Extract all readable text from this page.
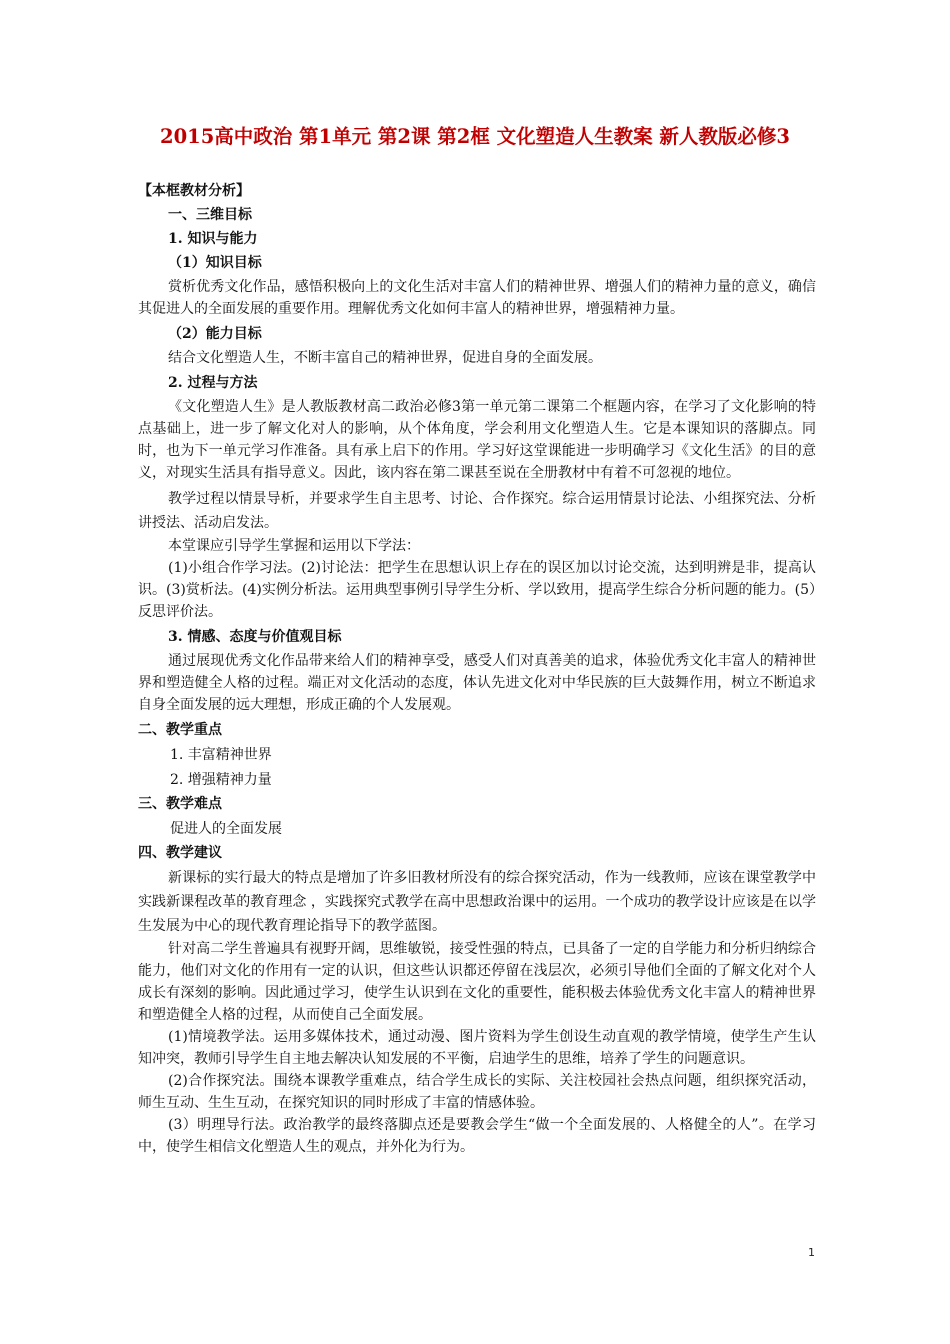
2015高中政治 第1单元 第2课 第2框 文化塑造人生教案 新人教版必修3
【本框教材分析】
一、三维目标
1. 知识与能力
（1）知识目标

赏析优秀文化作品，感悟积极向上的文化生活对丰富人们的精神世界、增强人们的精神力量的意义，确信其促进人的全面发展的重要作用。理解优秀文化如何丰富人的精神世界，增强精神力量。

（2）能力目标

结合文化塑造人生，不断丰富自己的精神世界，促进自身的全面发展。

2. 过程与方法

《文化塑造人生》是人教版教材高二政治必修3第一单元第二课第二个框题内容，在学习了文化影响的特点基础上，进一步了解文化对人的影响，从个体角度，学会利用文化塑造人生。它是本课知识的落脚点。同时，也为下一单元学习作准备。具有承上启下的作用。学习好这堂课能进一步明确学习《文化生活》的目的意义，对现实生活具有指导意义。因此，该内容在第二课甚至说在全册教材中有着不可忽视的地位。

教学过程以情景导析，并要求学生自主思考、讨论、合作探究。综合运用情景讨论法、小组探究法、分析讲授法、活动启发法。

本堂课应引导学生掌握和运用以下学法：

(1)小组合作学习法。(2)讨论法：把学生在思想认识上存在的误区加以讨论交流，达到明辨是非，提高认识。(3)赏析法。(4)实例分析法。运用典型事例引导学生分析、学以致用，提高学生综合分析问题的能力。(5）反思评价法。

3. 情感、态度与价值观目标

通过展现优秀文化作品带来给人们的精神享受，感受人们对真善美的追求，体验优秀文化丰富人的精神世界和塑造健全人格的过程。端正对文化活动的态度，体认先进文化对中华民族的巨大鼓舞作用，树立不断追求自身全面发展的远大理想，形成正确的个人发展观。

二、教学重点
1. 丰富精神世界
2. 增强精神力量
三、教学难点
促进人的全面发展
四、教学建议

新课标的实行最大的特点是增加了许多旧教材所没有的综合探究活动，作为一线教师，应该在课堂教学中实践新课程改革的教育理念 ，实践探究式教学在高中思想政治课中的运用。一个成功的教学设计应该是在以学生发展为中心的现代教育理论指导下的教学蓝图。

针对高二学生普遍具有视野开阔，思维敏锐，接受性强的特点，已具备了一定的自学能力和分析归纳综合能力，他们对文化的作用有一定的认识，但这些认识都还停留在浅层次，必须引导他们全面的了解文化对个人成长有深刻的影响。因此通过学习，使学生认识到在文化的重要性，能积极去体验优秀文化丰富人的精神世界和塑造健全人格的过程，从而使自己全面发展。

(1)情境教学法。运用多媒体技术，通过动漫、图片资料为学生创设生动直观的教学情境，使学生产生认知冲突，教师引导学生自主地去解决认知发展的不平衡，启迪学生的思维，培养了学生的问题意识。

(2)合作探究法。围绕本课教学重难点，结合学生成长的实际、关注校园社会热点问题，组织探究活动，师生互动、生生互动，在探究知识的同时形成了丰富的情感体验。

(3）明理导行法。政治教学的最终落脚点还是要教会学生“做一个全面发展的、人格健全的人”。在学习中，使学生相信文化塑造人生的观点，并外化为行为。

1
